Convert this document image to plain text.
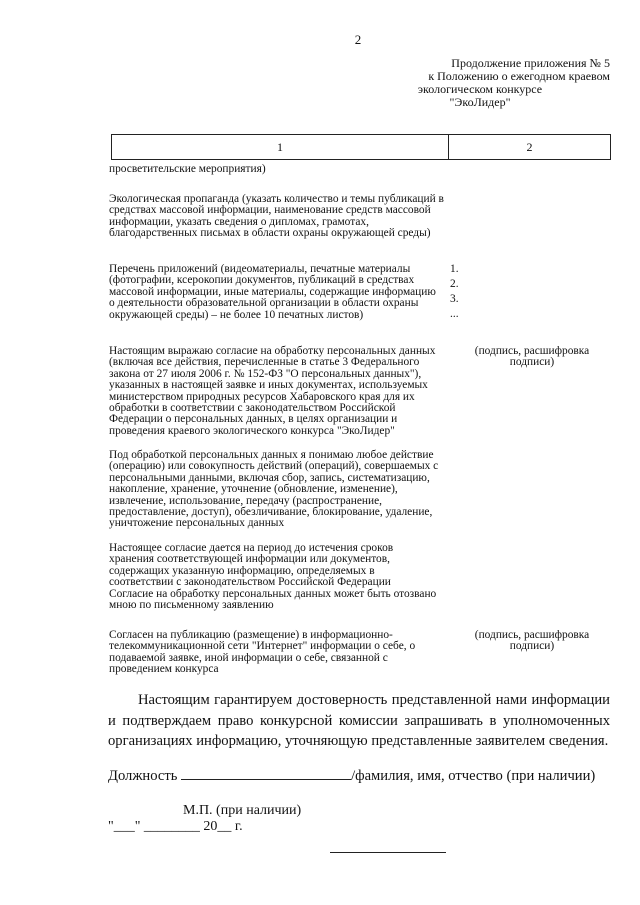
2
Продолжение приложения № 5
к Положению о ежегодном краевом
экологическом конкурсе
"ЭкоЛидер"
1	2
просветительские мероприятия)
Экологическая пропаганда (указать количество и темы публикаций в средствах массовой информации, наименование средств массовой информации, указать сведения о дипломах, грамотах, благодарственных письмах в области охраны окружающей среды)
Перечень приложений (видеоматериалы, печатные материалы (фотографии, ксерокопии документов, публикаций в средствах массовой информации, иные материалы, содержащие информацию о деятельности образовательной организации в области охраны окружающей среды) – не более 10 печатных листов)
1.
2.
3.
...
Настоящим выражаю согласие на обработку персональных данных (включая все действия, перечисленные в статье 3 Федерального закона от 27 июля 2006 г. № 152-ФЗ "О персональных данных"), указанных в настоящей заявке и иных документах, используемых министерством природных ресурсов Хабаровского края для их обработки в соответствии с законодательством Российской Федерации о персональных данных, в целях организации и проведения краевого экологического конкурса "ЭкоЛидер"
(подпись, расшифровка подписи)
Под обработкой персональных данных я понимаю любое действие (операцию) или совокупность действий (операций), совершаемых с персональными данными, включая сбор, запись, систематизацию, накопление, хранение, уточнение (обновление, изменение), извлечение, использование, передачу (распространение, предоставление, доступ), обезличивание, блокирование, удаление, уничтожение персональных данных
Настоящее согласие дается на период до истечения сроков хранения соответствующей информации или документов, содержащих указанную информацию, определяемых в соответствии с законодательством Российской Федерации
Согласие на обработку персональных данных может быть отозвано мною по письменному заявлению
Согласен на публикацию (размещение) в информационно-телекоммуникационной сети "Интернет" информации о себе, о подаваемой заявке, иной информации о себе, связанной с проведением конкурса
(подпись, расшифровка подписи)
Настоящим гарантируем достоверность представленной нами информации и подтверждаем право конкурсной комиссии запрашивать в уполномоченных организациях информацию, уточняющую представленные заявителем сведения.
Должность	/фамилия, имя, отчество (при наличии)
М.П. (при наличии)
"___" ________ 20__ г.
